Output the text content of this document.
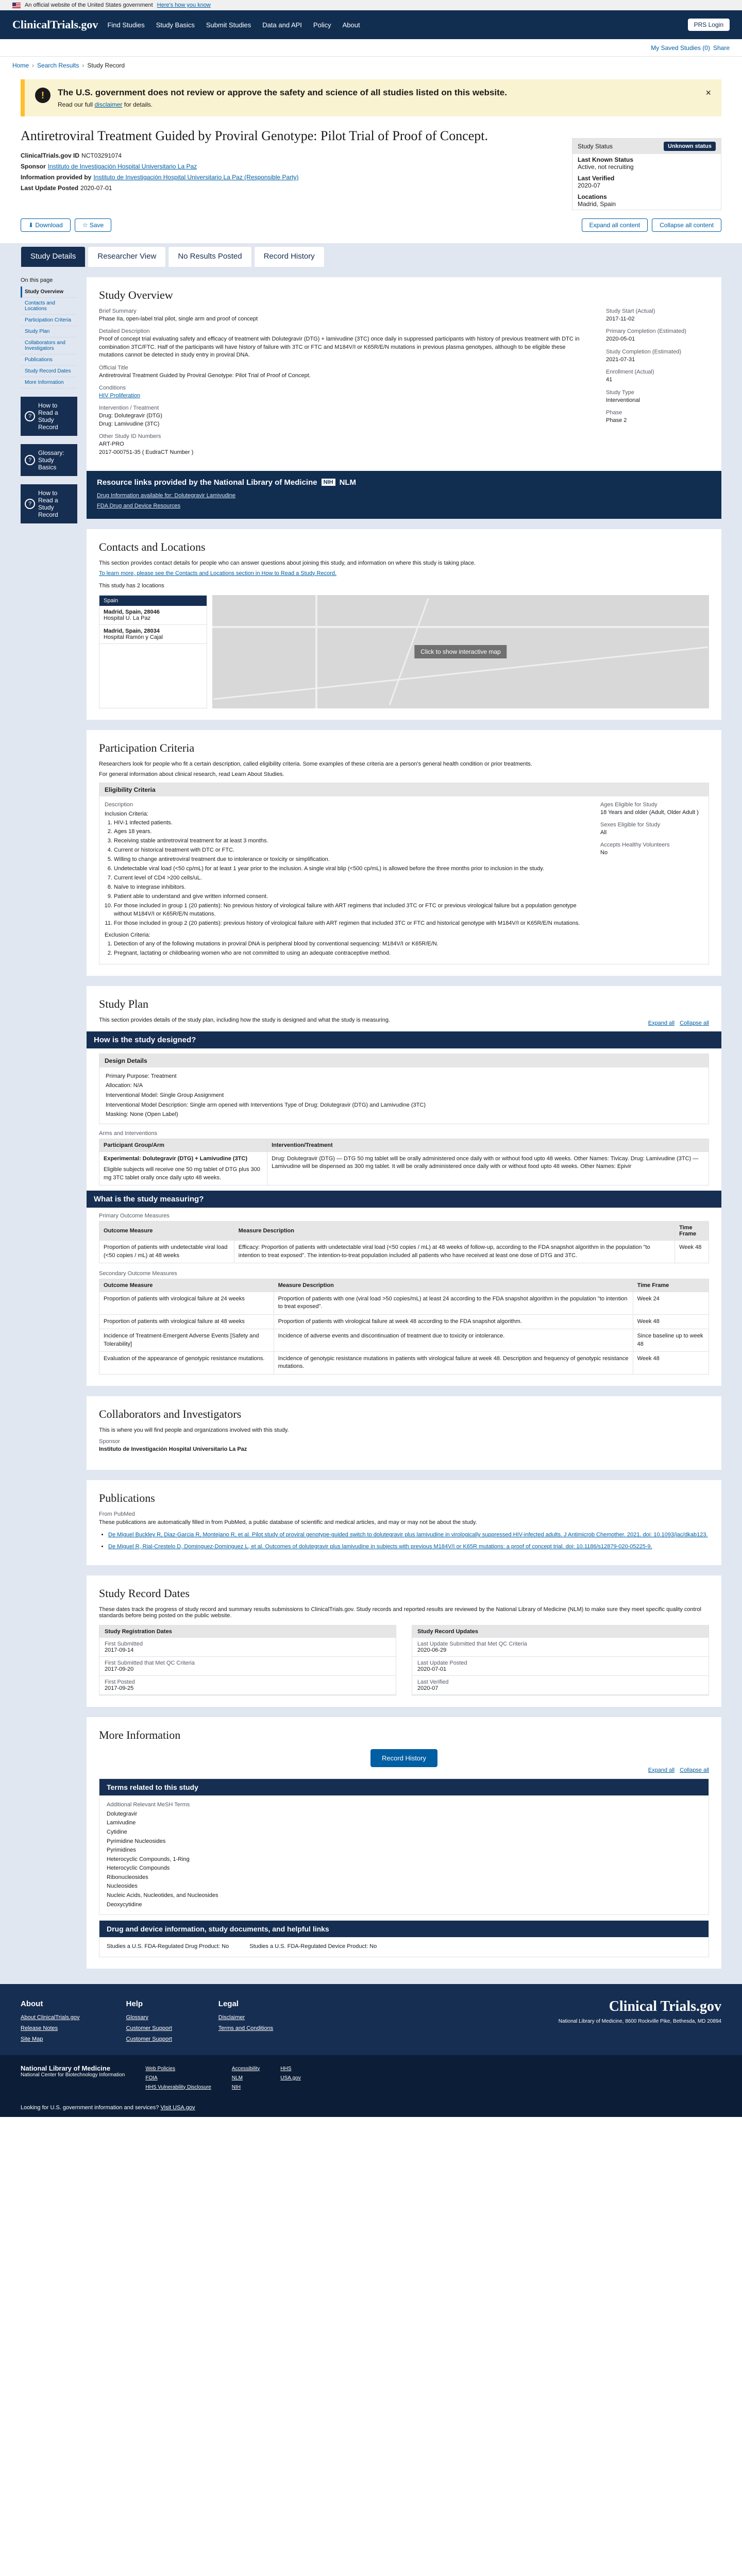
An official website of the United States government Here's how you know
ClinicalTrials.gov Find Studies Study Basics Submit Studies Data and API Policy About	PRS Login
My Saved Studies (0) Share
Home › Search Results › Study Record
!	The U.S. government does not review or approve the safety and science of all studies listed on this website.

Read our full disclaimer for details.

×
Antiretroviral Treatment Guided by Proviral Genotype: Pilot Trial of Proof of Concept.
ClinicalTrials.gov ID NCT03291074
Sponsor Instituto de Investigación Hospital Universitario La Paz
Information provided by Instituto de Investigación Hospital Universitario La Paz (Responsible Party)
Last Update Posted 2020-07-01
Study Status	Unknown status
Last Known Status
Active, not recruiting
Last Verified
2020-07
Locations
Madrid, Spain
⬇ Download	☆ Save	Expand all content	Collapse all content
Study Details	Researcher View	No Results Posted	Record History
On this page
Study Overview
Contacts and Locations
Participation Criteria
Study Plan
Collaborators and Investigators
Publications
Study Record Dates
More Information
?
How to Read a Study Record
?
Glossary: Study Basics
?
How to Read a Study Record
Study Overview
Brief Summary
Phase IIa, open-label trial pilot, single arm and proof of concept
Detailed Description
Proof of concept trial evaluating safety and efficacy of treatment with Dolutegravir (DTG) + lamivudine (3TC) once daily in suppressed participants with history of previous treatment with DTC in combination 3TC/FTC. Half of the participants will have history of failure with 3TC or FTC and M184V/I or K65R/E/N mutations in previous plasma genotypes, although to be eligible these mutations cannot be detected in study entry in proviral DNA.
Official Title
Antiretroviral Treatment Guided by Proviral Genotype: Pilot Trial of Proof of Concept.
Conditions
HIV Proliferation
Intervention / Treatment
Drug: Dolutegravir (DTG)
Drug: Lamivudine (3TC)
Other Study ID Numbers
ART-PRO
2017-000751-35 ( EudraCT Number )
Study Start (Actual)
2017-11-02
Primary Completion (Estimated)
2020-05-01
Study Completion (Estimated)
2021-07-31
Enrollment (Actual)
41
Study Type
Interventional
Phase
Phase 2
Resource links provided by the National Library of Medicine	NIH NLM
Drug Information available for: Dolutegravir Lamivudine
FDA Drug and Device Resources
Contacts and Locations

This section provides contact details for people who can answer questions about joining this study, and information on where this study is taking place.

To learn more, please see the Contacts and Locations section in How to Read a Study Record.

This study has 2 locations

Spain
Madrid, Spain, 28046
Hospital U. La Paz
Madrid, Spain, 28034
Hospital Ramón y Cajal
Click to show interactive map
Participation Criteria

Researchers look for people who fit a certain description, called eligibility criteria. Some examples of these criteria are a person's general health condition or prior treatments.

For general information about clinical research, read Learn About Studies.

Eligibility Criteria
Description
Inclusion Criteria:
1. HIV-1 infected patients.
2. Ages 18 years.
3. Receiving stable antiretroviral treatment for at least 3 months.
4. Current or historical treatment with DTC or FTC.
5. Willing to change antiretroviral treatment due to intolerance or toxicity or simplification.
6. Undetectable viral load (<50 cp/mL) for at least 1 year prior to the inclusion. A single viral blip (<500 cp/mL) is allowed before the three months prior to inclusion in the study.
7. Current level of CD4 >200 cells/uL.
8. Naïve to integrase inhibitors.
9. Patient able to understand and give written informed consent.
10. For those included in group 1 (20 patients): No previous history of virological failure with ART regimens that included 3TC or FTC or previous virological failure but a population genotype without M184V/I or K65R/E/N mutations.
11. For those included in group 2 (20 patients): previous history of virological failure with ART regimen that included 3TC or FTC and historical genotype with M184V/I or K65R/E/N mutations.
Exclusion Criteria:
1. Detection of any of the following mutations in proviral DNA is peripheral blood by conventional sequencing: M184V/I or K65R/E/N.
2. Pregnant, lactating or childbearing women who are not committed to using an adequate contraceptive method.
Ages Eligible for Study
18 Years and older (Adult, Older Adult )
Sexes Eligible for Study
All
Accepts Healthy Volunteers
No
Study Plan

This section provides details of the study plan, including how the study is designed and what the study is measuring.	Expand all Collapse all
How is the study designed?
Design Details
Primary Purpose: Treatment
Allocation: N/A
Interventional Model: Single Group Assignment
Interventional Model Description: Single arm opened with Interventions Type of Drug: Dolutegravir (DTG) and Lamivudine (3TC)
Masking: None (Open Label)
Arms and Interventions
Participant Group/Arm	Intervention/Treatment
Experimental: Dolutegravir (DTG) + Lamivudine (3TC)
Eligible subjects will receive one 50 mg tablet of DTG plus 300 mg 3TC tablet orally once daily upto 48 weeks.	Drug: Dolutegravir (DTG) — DTG 50 mg tablet will be orally administered once daily with or without food upto 48 weeks. Other Names: Tivicay. Drug: Lamivudine (3TC) — Lamivudine will be dispensed as 300 mg tablet. It will be orally administered once daily with or without food upto 48 weeks. Other Names: Epivir
What is the study measuring?
Primary Outcome Measures
Outcome Measure	Measure Description	Time Frame
Proportion of patients with undetectable viral load (<50 copies / mL) at 48 weeks	Efficacy: Proportion of patients with undetectable viral load (<50 copies / mL) at 48 weeks of follow-up, according to the FDA snapshot algorithm in the population "to intention to treat exposed". The intention-to-treat population included all patients who have received at least one dose of DTG and 3TC.	Week 48
Secondary Outcome Measures
Outcome Measure	Measure Description	Time Frame
Proportion of patients with virological failure at 24 weeks	Proportion of patients with one (viral load >50 copies/mL) at least 24 according to the FDA snapshot algorithm in the population "to intention to treat exposed".	Week 24
Proportion of patients with virological failure at 48 weeks	Proportion of patients with virological failure at week 48 according to the FDA snapshot algorithm.	Week 48
Incidence of Treatment-Emergent Adverse Events [Safety and Tolerability]	Incidence of adverse events and discontinuation of treatment due to toxicity or intolerance.	Since baseline up to week 48
Evaluation of the appearance of genotypic resistance mutations.	Incidence of genotypic resistance mutations in patients with virological failure at week 48. Description and frequency of genotypic resistance mutations.	Week 48
Collaborators and Investigators

This is where you will find people and organizations involved with this study.

Sponsor
Instituto de Investigación Hospital Universitario La Paz
Publications
From PubMed

These publications are automatically filled in from PubMed, a public database of scientific and medical articles, and may or may not be about the study.

• De Miguel Buckley R, Diaz-Garcia R, Montejano R, et al. Pilot study of proviral genotype-guided switch to dolutegravir plus lamivudine in virologically suppressed HIV-infected adults. J Antimicrob Chemother. 2021. doi: 10.1093/jac/dkab123.
• De Miguel R, Rial-Crestelo D, Dominguez-Dominguez L, et al. Outcomes of dolutegravir plus lamivudine in subjects with previous M184V/I or K65R mutations: a proof of concept trial. doi: 10.1186/s12879-020-05225-9.
Study Record Dates

These dates track the progress of study record and summary results submissions to ClinicalTrials.gov. Study records and reported results are reviewed by the National Library of Medicine (NLM) to make sure they meet specific quality control standards before being posted on the public website.

Study Registration Dates
First Submitted
2017-09-14
First Submitted that Met QC Criteria
2017-09-20
First Posted
2017-09-25
Study Record Updates
Last Update Submitted that Met QC Criteria
2020-06-29
Last Update Posted
2020-07-01
Last Verified
2020-07
More Information
Record History
Expand all Collapse all
Terms related to this study
Additional Relevant MeSH Terms
Dolutegravir
Lamivudine
Cytidine
Pyrimidine Nucleosides
Pyrimidines
Heterocyclic Compounds, 1-Ring
Heterocyclic Compounds
Ribonucleosides
Nucleosides
Nucleic Acids, Nucleotides, and Nucleosides
Deoxycytidine
Drug and device information, study documents, and helpful links
Studies a U.S. FDA-Regulated Drug Product: No	Studies a U.S. FDA-Regulated Device Product: No
About
About ClinicalTrials.gov
Release Notes
Site Map
Help
Glossary
Customer Support
Customer Support
Legal
Disclaimer
Terms and Conditions
Clinical Trials.gov
National Library of Medicine, 8600 Rockville Pike, Bethesda, MD 20894
National Library of Medicine
National Center for Biotechnology Information
Web Policies
FOIA
HHS Vulnerability Disclosure
Accessibility
NLM
NIH
HHS
USA.gov
Looking for U.S. government information and services? Visit USA.gov
